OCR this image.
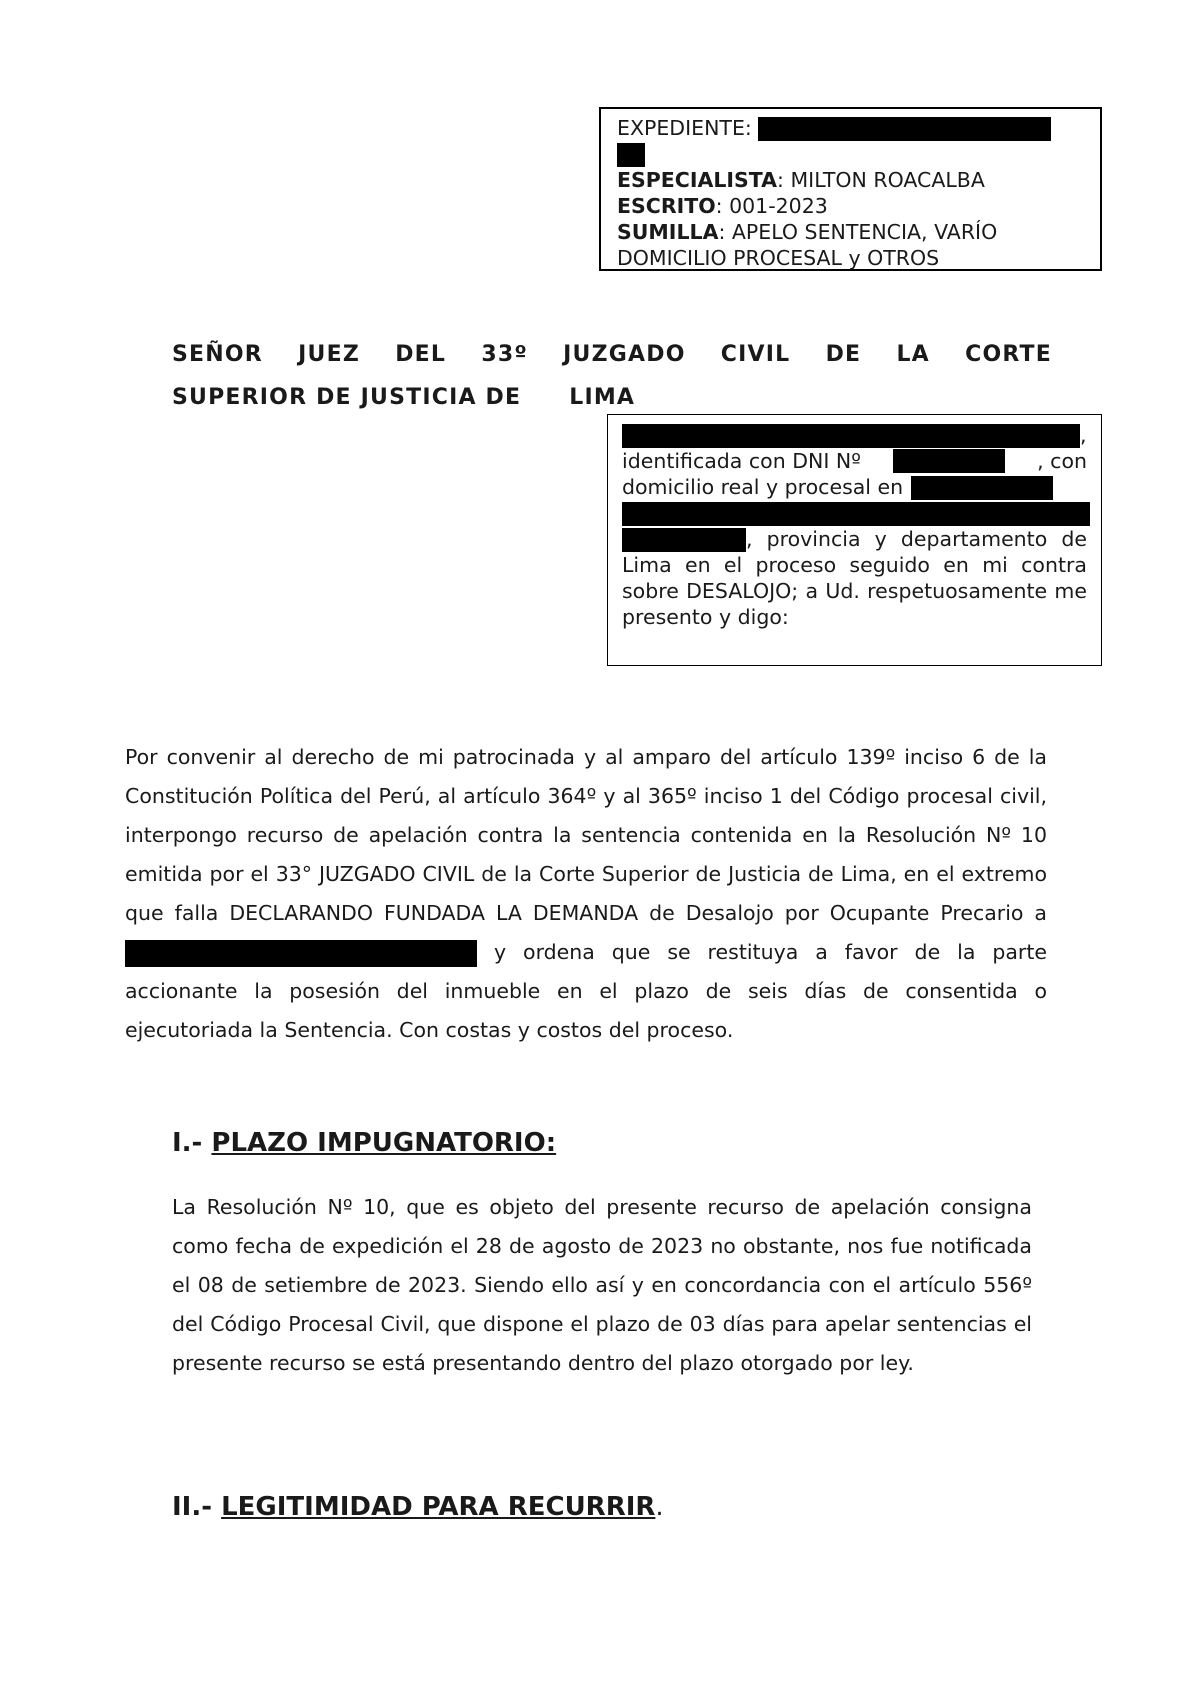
EXPEDIENTE:
ESPECIALISTA: MILTON ROACALBA
ESCRITO: 001-2023
SUMILLA: APELO SENTENCIA, VARÍO DOMICILIO PROCESAL y OTROS
SEÑOR JUEZ DEL 33º JUZGADO CIVIL DE LA CORTE
SUPERIOR DE JUSTICIA DE LIMA
,
identificada con DNI Nº	, con
domicilio real y procesal en
, provincia y departamento de Lima en el proceso seguido en mi contra sobre DESALOJO; a Ud. respetuosamente me presento y digo:
Por convenir al derecho de mi patrocinada y al amparo del artículo 139º inciso 6 de la Constitución Política del Perú, al artículo 364º y al 365º inciso 1 del Código procesal civil, interpongo recurso de apelación contra la sentencia contenida en la Resolución Nº 10 emitida por el 33° JUZGADO CIVIL de la Corte Superior de Justicia de Lima, en el extremo que falla DECLARANDO FUNDADA LA DEMANDA de Desalojo por Ocupante Precario a  y ordena que se restituya a favor de la parte accionante la posesión del inmueble en el plazo de seis días de consentida o ejecutoriada la Sentencia. Con costas y costos del proceso.
I.- PLAZO IMPUGNATORIO:
La Resolución Nº 10, que es objeto del presente recurso de apelación consigna como fecha de expedición el 28 de agosto de 2023 no obstante, nos fue notificada el 08 de setiembre de 2023. Siendo ello así y en concordancia con el artículo 556º del Código Procesal Civil, que dispone el plazo de 03 días para apelar sentencias el presente recurso se está presentando dentro del plazo otorgado por ley.
II.- LEGITIMIDAD PARA RECURRIR.
